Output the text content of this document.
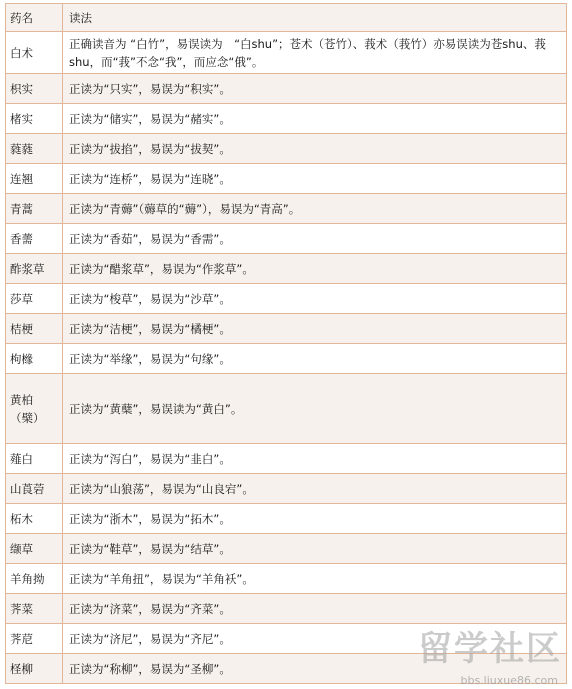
药名	读法
白术	正确读音为 “白竹”，易误读为　“白shu”；苍术（苍竹）、莪术（莪竹）亦易误读为苍shu、莪shu，而“莪”不念“我”，而应念“俄”。
枳实	正读为“只实”，易误为“积实”。
楮实	正读为“储实”，易误为“赭实”。
蕤蕤	正读为“拔掐”，易误为“拔契”。
连翘	正读为“连桥”，易误为“连晓”。
青蒿	正读为“青薅”（薅草的“薅”），易误为“青高”。
香薷	正读为“香茹”，易误为“香需”。
酢浆草	正读为“醋浆草”，易误为“作浆草”。
莎草	正读为“梭草”，易误为“沙草”。
桔梗	正读为“洁梗”，易误为“橘梗”。
枸橼	正读为“举缘”，易误为“句缘”。
黄柏（檗）	正读为“黄蘖”，易误读为“黄白”。
薤白	正读为“泻白”，易误为“韭白”。
山莨菪	正读为“山狼荡”，易误为“山良宕”。
柘木	正读为“浙木”，易误为“拓木”。
缬草	正读为“鞋草”，易误为“结草”。
羊角拗	正读为“羊角扭”，易误为“羊角袄”。
荠菜	正读为“济菜”，易误为“齐菜”。
荠苨	正读为“济尼”，易误为“齐尼”。
柽柳	正读为“称柳”，易误为“圣柳”。	留学社区
bbs.liuxue86.com
